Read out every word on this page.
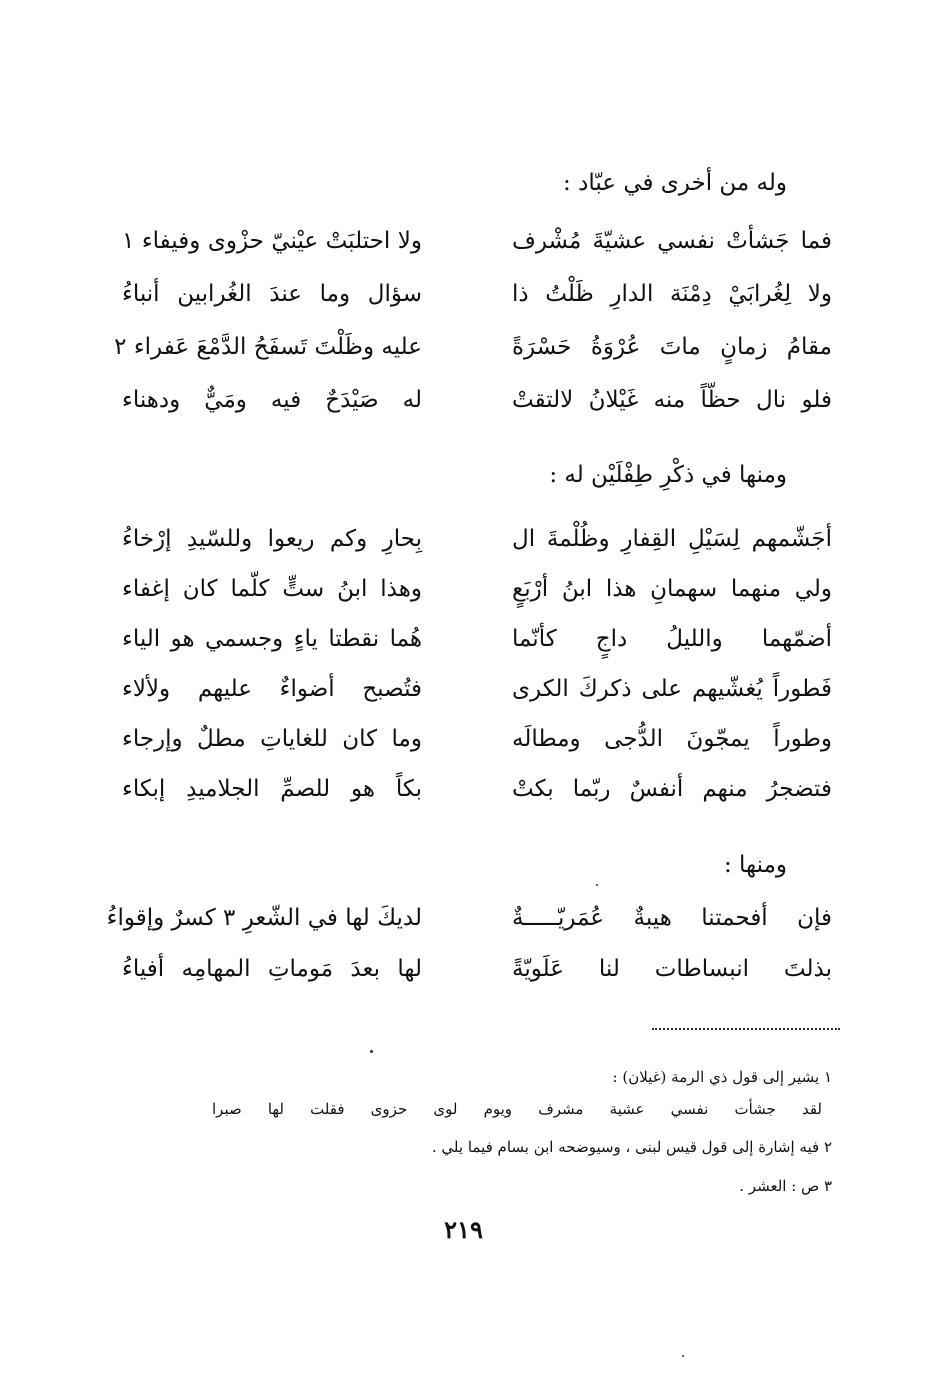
وله من أخرى في عبّاد :
فما جَشأتْ نفسي عشيّةَ مُشْرف
ولا احتلبَتْ عيْنيّ حزْوى وفيفاء ١
ولا لِغُرابَيْ دِمْنَة الدارِ ظَلْتُ ذا
سؤال وما عندَ الغُرابين أنباءُ
مقامُ زمانٍ ماتَ عُرْوَةُ حَسْرَةً
عليه وظَلْتَ تَسفَحُ الدَّمْعَ عَفراء ٢
فلو نال حظّاً منه غَيْلانُ لالتقتْ
له صَيْدَحٌ فيه ومَيٌّ ودهناء
ومنها في ذكْرِ طِفْلَيْن له :
أجَشّمهم لِسَيْلِ القِفارِ وظُلْمةَ ال
بِحارِ وكم ريعوا وللسّيدِ إرْخاءُ
ولي منهما سهمانِ هذا ابنُ أرْبَعٍ
وهذا ابنُ ستٍّ كلّما كان إغفاء
أضمّهما والليلُ داجٍ كأنّما
هُما نقطتا ياءٍ وجسمي هو الياء
فَطوراً يُغشّيهم على ذكركَ الكرى
فتُصبح أضواءٌ عليهم ولألاء
وطوراً يمجّونَ الدُّجى ومطالَه
وما كان للغاياتِ مطلٌ وإرجاء
فتضجرُ منهم أنفسٌ ربّما بكتْ
بكاً هو للصمِّ الجلاميدِ إبكاء
ومنها :
فإن أفحمتنا هيبةٌ عُمَريّـــــةٌ
لديكَ لها في الشّعرِ ٣ كسرٌ وإقواءُ
بذلتَ انبساطات لنا عَلَويّةً
لها بعدَ مَوماتِ المهامِه أفياءُ
١ يشير إلى قول ذي الرمة (غيلان) :
لقد جشأت نفسي عشية مشرف ويوم لوى حزوى فقلت لها صبرا
٢ فيه إشارة إلى قول قيس لبنى ، وسيوضحه ابن بسام فيما يلي .
٣ ص : العشر .
٢١٩
